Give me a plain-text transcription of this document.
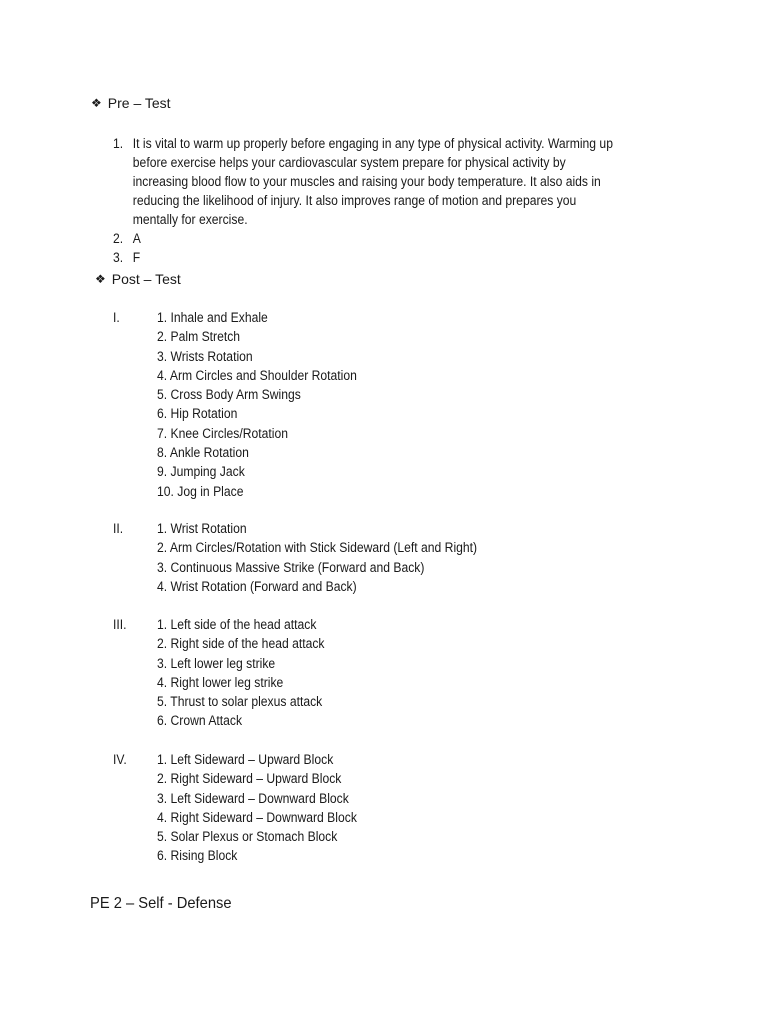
❖ Pre – Test
1. It is vital to warm up properly before engaging in any type of physical activity. Warming up before exercise helps your cardiovascular system prepare for physical activity by increasing blood flow to your muscles and raising your body temperature. It also aids in reducing the likelihood of injury. It also improves range of motion and prepares you mentally for exercise.
2. A
3. F
❖ Post – Test
I.	1. Inhale and Exhale
2. Palm Stretch
3. Wrists Rotation
4. Arm Circles and Shoulder Rotation
5. Cross Body Arm Swings
6. Hip Rotation
7. Knee Circles/Rotation
8. Ankle Rotation
9. Jumping Jack
10. Jog in Place
II.	1. Wrist Rotation
2. Arm Circles/Rotation with Stick Sideward (Left and Right)
3. Continuous Massive Strike (Forward and Back)
4. Wrist Rotation (Forward and Back)
III. 1. Left side of the head attack
2. Right side of the head attack
3. Left lower leg strike
4. Right lower leg strike
5. Thrust to solar plexus attack
6. Crown Attack
IV. 1. Left Sideward – Upward Block
2. Right Sideward – Upward Block
3. Left Sideward – Downward Block
4. Right Sideward – Downward Block
5. Solar Plexus or Stomach Block
6. Rising Block
PE 2 – Self - Defense
